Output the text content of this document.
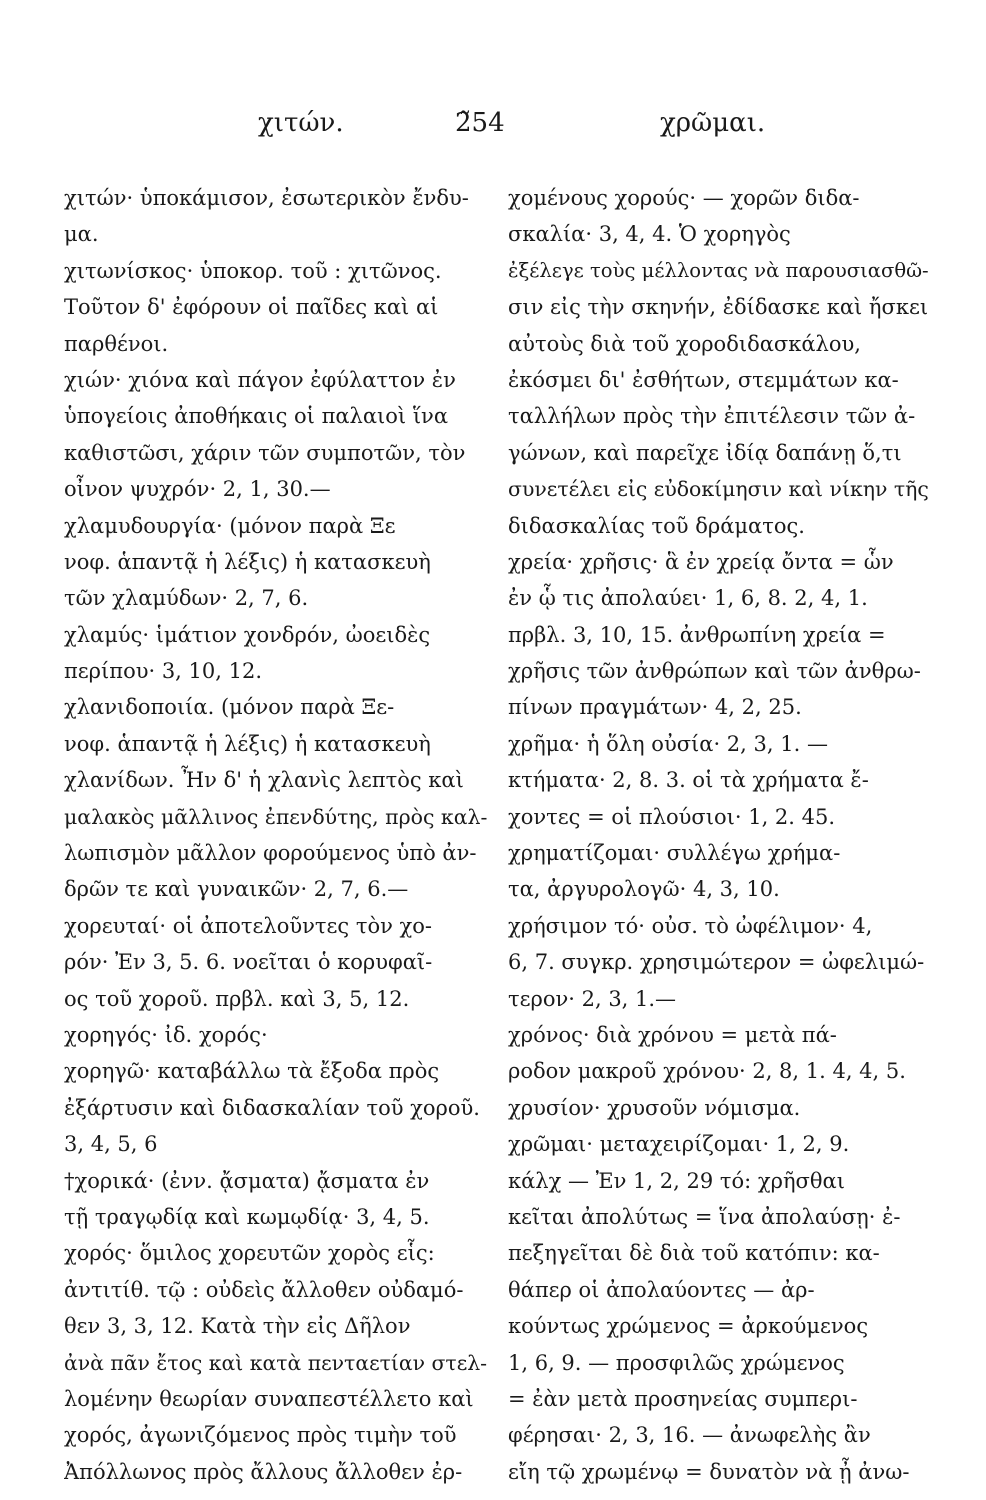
χιτών.	2̃54	χρῶμαι.
χιτών· ὑποκάμισον, ἐσωτερικὸν ἔνδυ-
μα.
χιτωνίσκος· ὑποκορ. τοῦ : χιτῶνος.
Τοῦτον δ' ἐφόρουν οἱ παῖδες καὶ αἱ
παρθένοι.
χιών· χιόνα καὶ πάγον ἐφύλαττον ἐν
ὑπογείοις ἀποθήκαις οἱ παλαιοὶ ἵνα
καθιστῶσι, χάριν τῶν συμποτῶν, τὸν
οἶνον ψυχρόν· 2, 1, 30.—
χλαμυδουργία· (μόνον παρὰ Ξε
νοφ. ἁπαντᾷ ἡ λέξις) ἡ κατασκευὴ
τῶν χλαμύδων· 2, 7, 6.
χλαμύς· ἱμάτιον χονδρόν, ὠοειδὲς
περίπου· 3, 10, 12.
χλανιδοποιία. (μόνον παρὰ Ξε-
νοφ. ἁπαντᾷ ἡ λέξις) ἡ κατασκευὴ
χλανίδων. Ἦν δ' ἡ χλανὶς λεπτὸς καὶ
μαλακὸς μᾶλλινος ἐπενδύτης, πρὸς καλ-
λωπισμὸν μᾶλλον φορούμενος ὑπὸ ἀν-
δρῶν τε καὶ γυναικῶν· 2, 7, 6.—
χορευταί· οἱ ἀποτελοῦντες τὸν χο-
ρόν· Ἐν 3, 5. 6. νοεῖται ὁ κορυφαῖ-
ος τοῦ χοροῦ. πρβλ. καὶ 3, 5, 12.
χορηγός· ἰδ. χορός·
χορηγῶ· καταβάλλω τὰ ἔξοδα πρὸς
ἐξάρτυσιν καὶ διδασκαλίαν τοῦ χοροῦ.
3, 4, 5, 6
†χορικά· (ἐνν. ᾄσματα) ᾄσματα ἐν
τῇ τραγῳδίᾳ καὶ κωμῳδίᾳ· 3, 4, 5.
χορός· ὅμιλος χορευτῶν χορὸς εἷς:
ἀντιτίθ. τῷ : οὐδεὶς ἄλλοθεν οὐδαμό-
θεν 3, 3, 12. Κατὰ τὴν εἰς Δῆλον
ἀνὰ πᾶν ἔτος καὶ κατὰ πενταετίαν στελ-
λομένην θεωρίαν συναπεστέλλετο καὶ
χορός, ἀγωνιζόμενος πρὸς τιμὴν τοῦ
Ἀπόλλωνος πρὸς ἄλλους ἄλλοθεν ἐρ-
χομένους χορούς· — χορῶν διδα-
σκαλία· 3, 4, 4. Ὁ χορηγὸς
ἐξέλεγε τοὺς μέλλοντας νὰ παρουσιασθῶ-
σιν εἰς τὴν σκηνήν, ἐδίδασκε καὶ ἤσκει
αὐτοὺς διὰ τοῦ χοροδιδασκάλου,
ἐκόσμει δι' ἐσθήτων, στεμμάτων κα-
ταλλήλων πρὸς τὴν ἐπιτέλεσιν τῶν ἀ-
γώνων, καὶ παρεῖχε ἰδίᾳ δαπάνῃ ὅ,τι
συνετέλει εἰς εὐδοκίμησιν καὶ νίκην τῆς
διδασκαλίας τοῦ δράματος.
χρεία· χρῆσις· ἃ ἐν χρείᾳ ὄντα = ὧν
ἐν ᾧ τις ἀπολαύει· 1, 6, 8. 2, 4, 1.
πρβλ. 3, 10, 15. ἀνθρωπίνη χρεία =
χρῆσις τῶν ἀνθρώπων καὶ τῶν ἀνθρω-
πίνων πραγμάτων· 4, 2, 25.
χρῆμα· ἡ ὅλη οὐσία· 2, 3, 1. —
κτήματα· 2, 8. 3. οἱ τὰ χρήματα ἔ-
χοντες = οἱ πλούσιοι· 1, 2. 45.
χρηματίζομαι· συλλέγω χρήμα-
τα, ἀργυρολογῶ· 4, 3, 10.
χρήσιμον τό· οὐσ. τὸ ὠφέλιμον· 4,
6, 7. συγκρ. χρησιμώτερον = ὠφελιμώ-
τερον· 2, 3, 1.—
χρόνος· διὰ χρόνου = μετὰ πά-
ροδον μακροῦ χρόνου· 2, 8, 1. 4, 4, 5.
χρυσίον· χρυσοῦν νόμισμα.
χρῶμαι· μεταχειρίζομαι· 1, 2, 9.
κάλχ — Ἐν 1, 2, 29 τό: χρῆσθαι
κεῖται ἀπολύτως = ἵνα ἀπολαύσῃ· ἐ-
πεξηγεῖται δὲ διὰ τοῦ κατόπιν: κα-
θάπερ οἱ ἀπολαύοντες — ἀρ-
κούντως χρώμενος = ἀρκούμενος
1, 6, 9. — προσφιλῶς χρώμενος
= ἐὰν μετὰ προσηνείας συμπερι-
φέρησαι· 2, 3, 16. — ἀνωφελὴς ἂν
εἴη τῷ χρωμένῳ = δυνατὸν νὰ ᾖ ἀνω-
